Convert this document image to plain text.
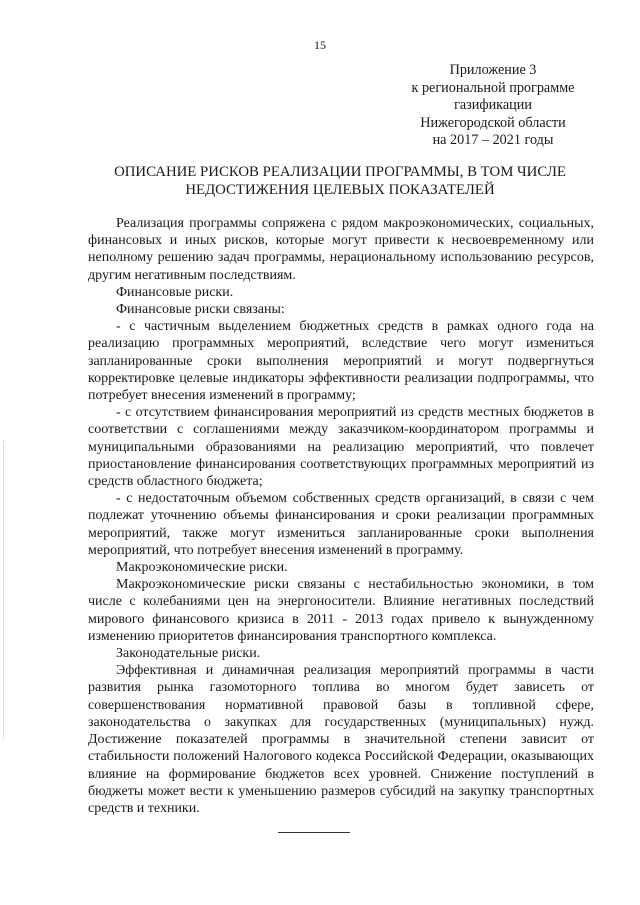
15
Приложение 3
к региональной программе
газификации
Нижегородской области
на 2017 – 2021 годы
ОПИСАНИЕ РИСКОВ РЕАЛИЗАЦИИ ПРОГРАММЫ, В ТОМ ЧИСЛЕ
НЕДОСТИЖЕНИЯ ЦЕЛЕВЫХ ПОКАЗАТЕЛЕЙ

Реализация программы сопряжена с рядом макроэкономических, социальных, финансовых и иных рисков, которые могут привести к несвоевременному или неполному решению задач программы, нерациональному использованию ресурсов, другим негативным последствиям.

Финансовые риски.

Финансовые риски связаны:

- с частичным выделением бюджетных средств в рамках одного года на реализацию программных мероприятий, вследствие чего могут измениться запланированные сроки выполнения мероприятий и могут подвергнуться корректировке целевые индикаторы эффективности реализации подпрограммы, что потребует внесения изменений в программу;

- с отсутствием финансирования мероприятий из средств местных бюджетов в соответствии с соглашениями между заказчиком-координатором программы и муниципальными образованиями на реализацию мероприятий, что повлечет приостановление финансирования соответствующих программных мероприятий из средств областного бюджета;

- с недостаточным объемом собственных средств организаций, в связи с чем подлежат уточнению объемы финансирования и сроки реализации программных мероприятий, также могут измениться запланированные сроки выполнения мероприятий, что потребует внесения изменений в программу.

Макроэкономические риски.

Макроэкономические риски связаны с нестабильностью экономики, в том числе с колебаниями цен на энергоносители. Влияние негативных последствий мирового финансового кризиса в 2011 - 2013 годах привело к вынужденному изменению приоритетов финансирования транспортного комплекса.

Законодательные риски.

Эффективная и динамичная реализация мероприятий программы в части развития рынка газомоторного топлива во многом будет зависеть от совершенствования нормативной правовой базы в топливной сфере, законодательства о закупках для государственных (муниципальных) нужд. Достижение показателей программы в значительной степени зависит от стабильности положений Налогового кодекса Российской Федерации, оказывающих влияние на формирование бюджетов всех уровней. Снижение поступлений в бюджеты может вести к уменьшению размеров субсидий на закупку транспортных средств и техники.
